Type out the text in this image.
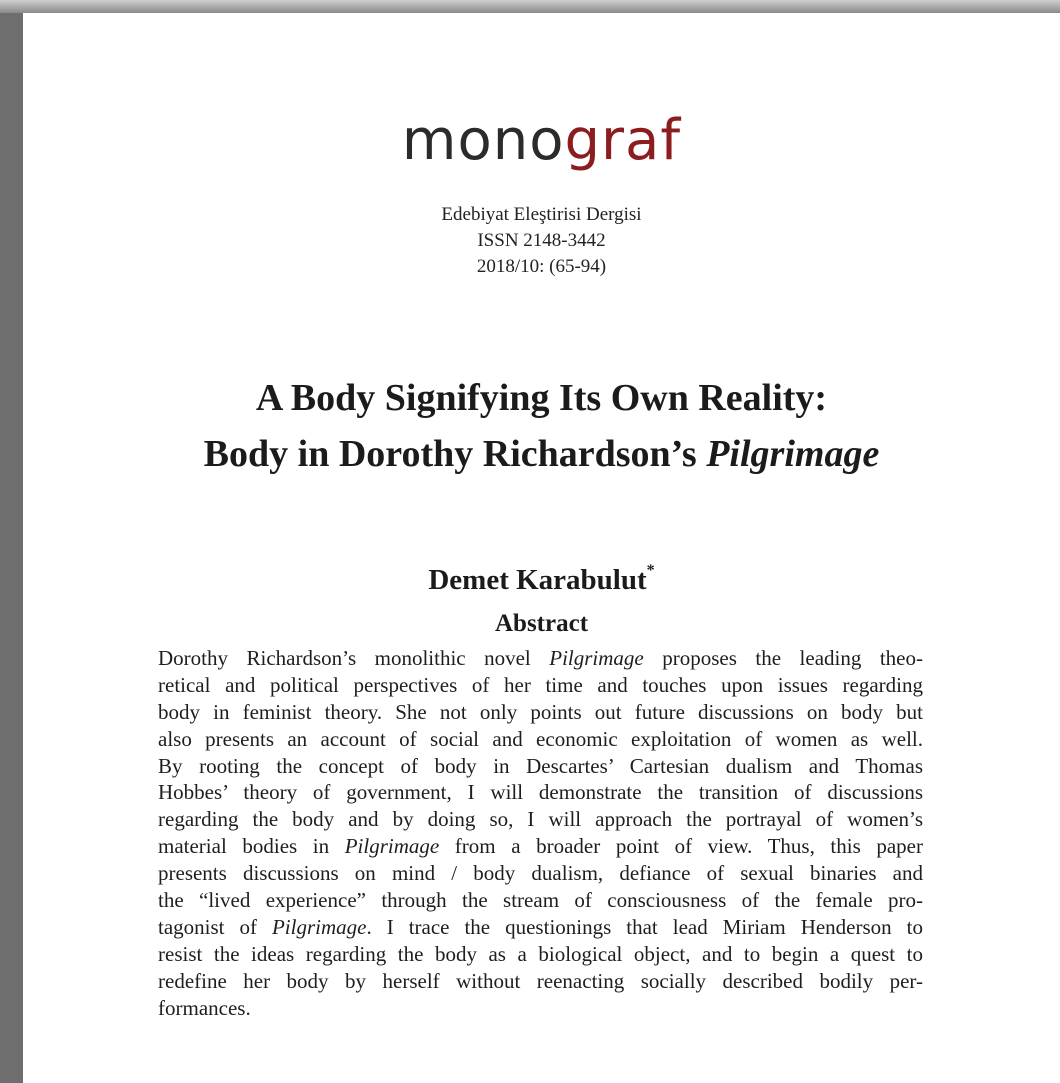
monograf
Edebiyat Eleştirisi Dergisi
ISSN 2148-3442
2018/10: (65-94)
A Body Signifying Its Own Reality:
Body in Dorothy Richardson’s Pilgrimage
Demet Karabulut*
Abstract
Dorothy Richardson’s monolithic novel Pilgrimage proposes the leading theo-
retical and political perspectives of her time and touches upon issues regarding
body in feminist theory. She not only points out future discussions on body but
also presents an account of social and economic exploitation of women as well.
By rooting the concept of body in Descartes’ Cartesian dualism and Thomas
Hobbes’ theory of government, I will demonstrate the transition of discussions
regarding the body and by doing so, I will approach the portrayal of women’s
material bodies in Pilgrimage from a broader point of view. Thus, this paper
presents discussions on mind / body dualism, defiance of sexual binaries and
the “lived experience” through the stream of consciousness of the female pro-
tagonist of Pilgrimage. I trace the questionings that lead Miriam Henderson to
resist the ideas regarding the body as a biological object, and to begin a quest to
redefine her body by herself without reenacting socially described bodily per-
formances.
